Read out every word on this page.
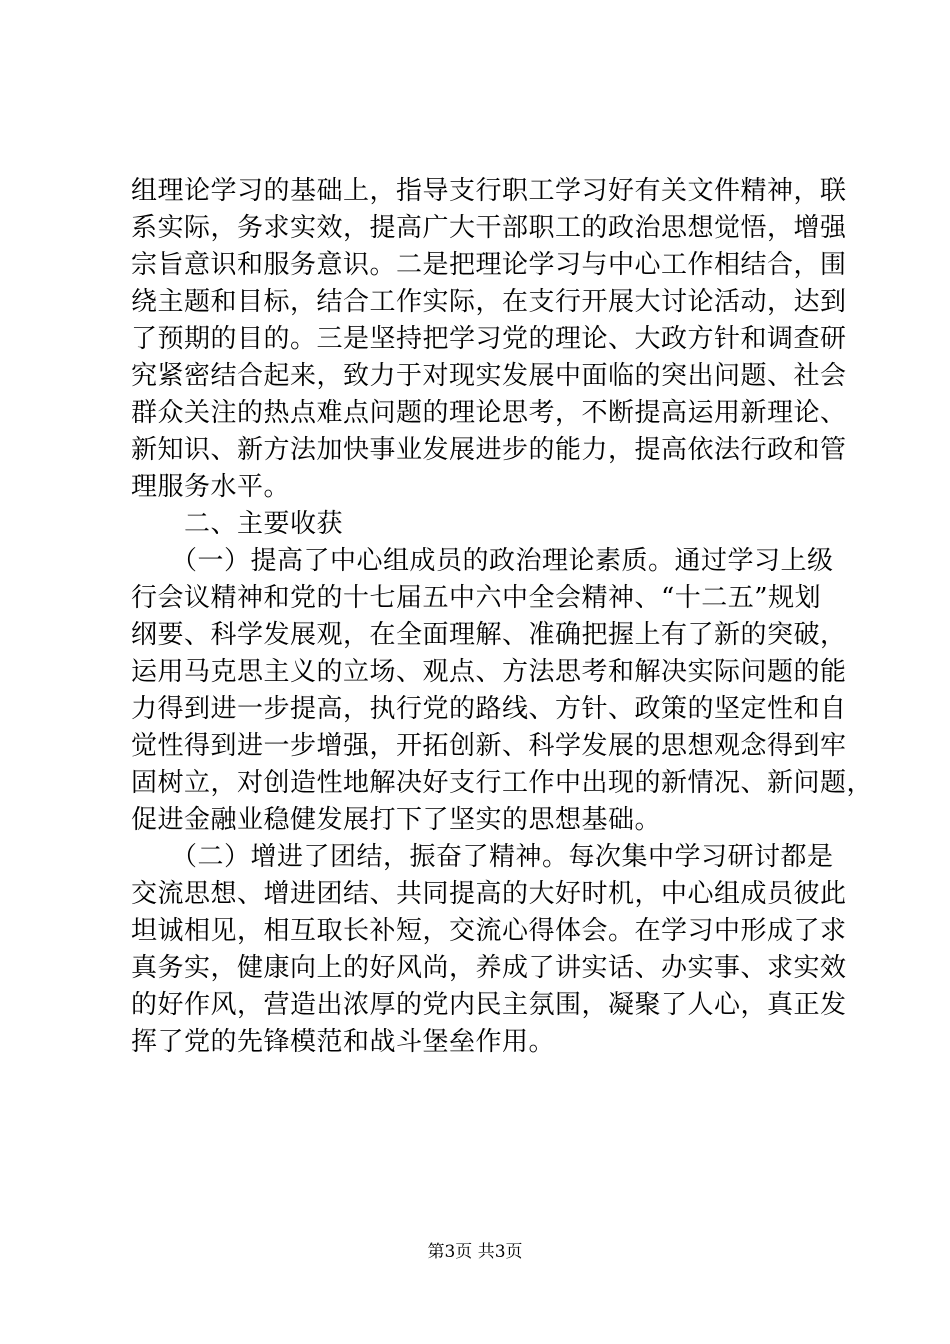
组理论学习的基础上，指导支行职工学习好有关文件精神，联
系实际，务求实效，提高广大干部职工的政治思想觉悟，增强
宗旨意识和服务意识。二是把理论学习与中心工作相结合，围
绕主题和目标，结合工作实际，在支行开展大讨论活动，达到
了预期的目的。三是坚持把学习党的理论、大政方针和调查研
究紧密结合起来，致力于对现实发展中面临的突出问题、社会
群众关注的热点难点问题的理论思考，不断提高运用新理论、
新知识、新方法加快事业发展进步的能力，提高依法行政和管
理服务水平。
　　二、主要收获
　　（一）提高了中心组成员的政治理论素质。通过学习上级
行会议精神和党的十七届五中六中全会精神、“十二五”规划
纲要、科学发展观，在全面理解、准确把握上有了新的突破，
运用马克思主义的立场、观点、方法思考和解决实际问题的能
力得到进一步提高，执行党的路线、方针、政策的坚定性和自
觉性得到进一步增强，开拓创新、科学发展的思想观念得到牢
固树立，对创造性地解决好支行工作中出现的新情况、新问题，
促进金融业稳健发展打下了坚实的思想基础。
　　（二）增进了团结，振奋了精神。每次集中学习研讨都是
交流思想、增进团结、共同提高的大好时机，中心组成员彼此
坦诚相见，相互取长补短，交流心得体会。在学习中形成了求
真务实，健康向上的好风尚，养成了讲实话、办实事、求实效
的好作风，营造出浓厚的党内民主氛围，凝聚了人心，真正发
挥了党的先锋模范和战斗堡垒作用。
第3页 共3页
